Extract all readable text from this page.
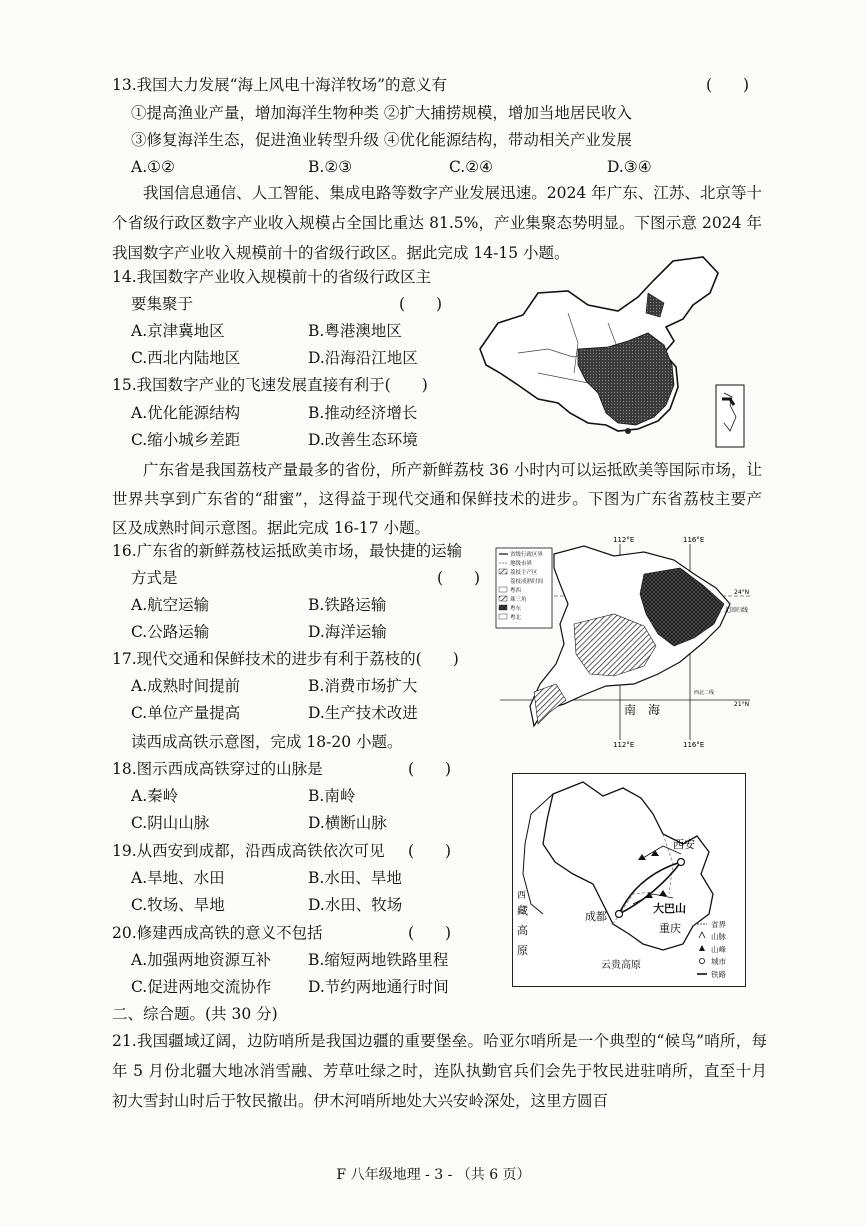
13.我国大力发展“海上风电十海洋牧场”的意义有	(　　)
①提高渔业产量，增加海洋生物种类 ②扩大捕捞规模，增加当地居民收入
③修复海洋生态，促进渔业转型升级 ④优化能源结构，带动相关产业发展
A.①②	B.②③	C.②④	D.③④
我国信息通信、人工智能、集成电路等数字产业发展迅速。2024 年广东、江苏、北京等十个省级行政区数字产业收入规模占全国比重达 81.5%，产业集聚态势明显。下图示意 2024 年我国数字产业收入规模前十的省级行政区。据此完成 14-15 小题。
14.我国数字产业收入规模前十的省级行政区主
要集聚于	(　　)
A.京津冀地区	B.粤港澳地区
C.西北内陆地区	D.沿海沿江地区
15.我国数字产业的飞速发展直接有利于(　　)
A.优化能源结构	B.推动经济增长
C.缩小城乡差距	D.改善生态环境
广东省是我国荔枝产量最多的省份，所产新鲜荔枝 36 小时内可以运抵欧美等国际市场，让世界共享到广东省的“甜蜜”，这得益于现代交通和保鲜技术的进步。下图为广东省荔枝主要产区及成熟时间示意图。据此完成 16-17 小题。
16.广东省的新鲜荔枝运抵欧美市场，最快捷的运输
方式是	(　　)
A.航空运输	B.铁路运输
C.公路运输	D.海洋运输
17.现代交通和保鲜技术的进步有利于荔枝的(　　)
A.成熟时间提前	B.消费市场扩大
C.单位产量提高	D.生产技术改进
省级行政区界
地级市界
荔枝主产区
荔枝成熟时间
粤西
珠三角
粤东
粤北
112°E	116°E
112°E	116°E
24°N
21°N
北回归线
西北二线
南　海
读西成高铁示意图，完成 18-20 小题。
18.图示西成高铁穿过的山脉是	(　　)
A.秦岭	B.南岭
C.阴山山脉	D.横断山脉
19.从西安到成都，沿西成高铁依次可见 (　　)
A.旱地、水田	B.水田、旱地
C.牧场、旱地	D.水田、牧场
20.修建西成高铁的意义不包括	(　　)
A.加强两地资源互补 B.缩短两地铁路里程
C.促进两地交流协作 D.节约两地通行时间
西安
成都
大巴山
重庆
西
藏
高
原
云贵高原
省界
山脉
山峰
城市
铁路
二、综合题。(共 30 分)
21.我国疆域辽阔，边防哨所是我国边疆的重要堡垒。哈亚尔哨所是一个典型的“候鸟”哨所，每年 5 月份北疆大地冰消雪融、芳草吐绿之时，连队执勤官兵们会先于牧民进驻哨所，直至十月初大雪封山时后于牧民撤出。伊木河哨所地处大兴安岭深处，这里方圆百
F 八年级地理 - 3 - （共 6 页）
